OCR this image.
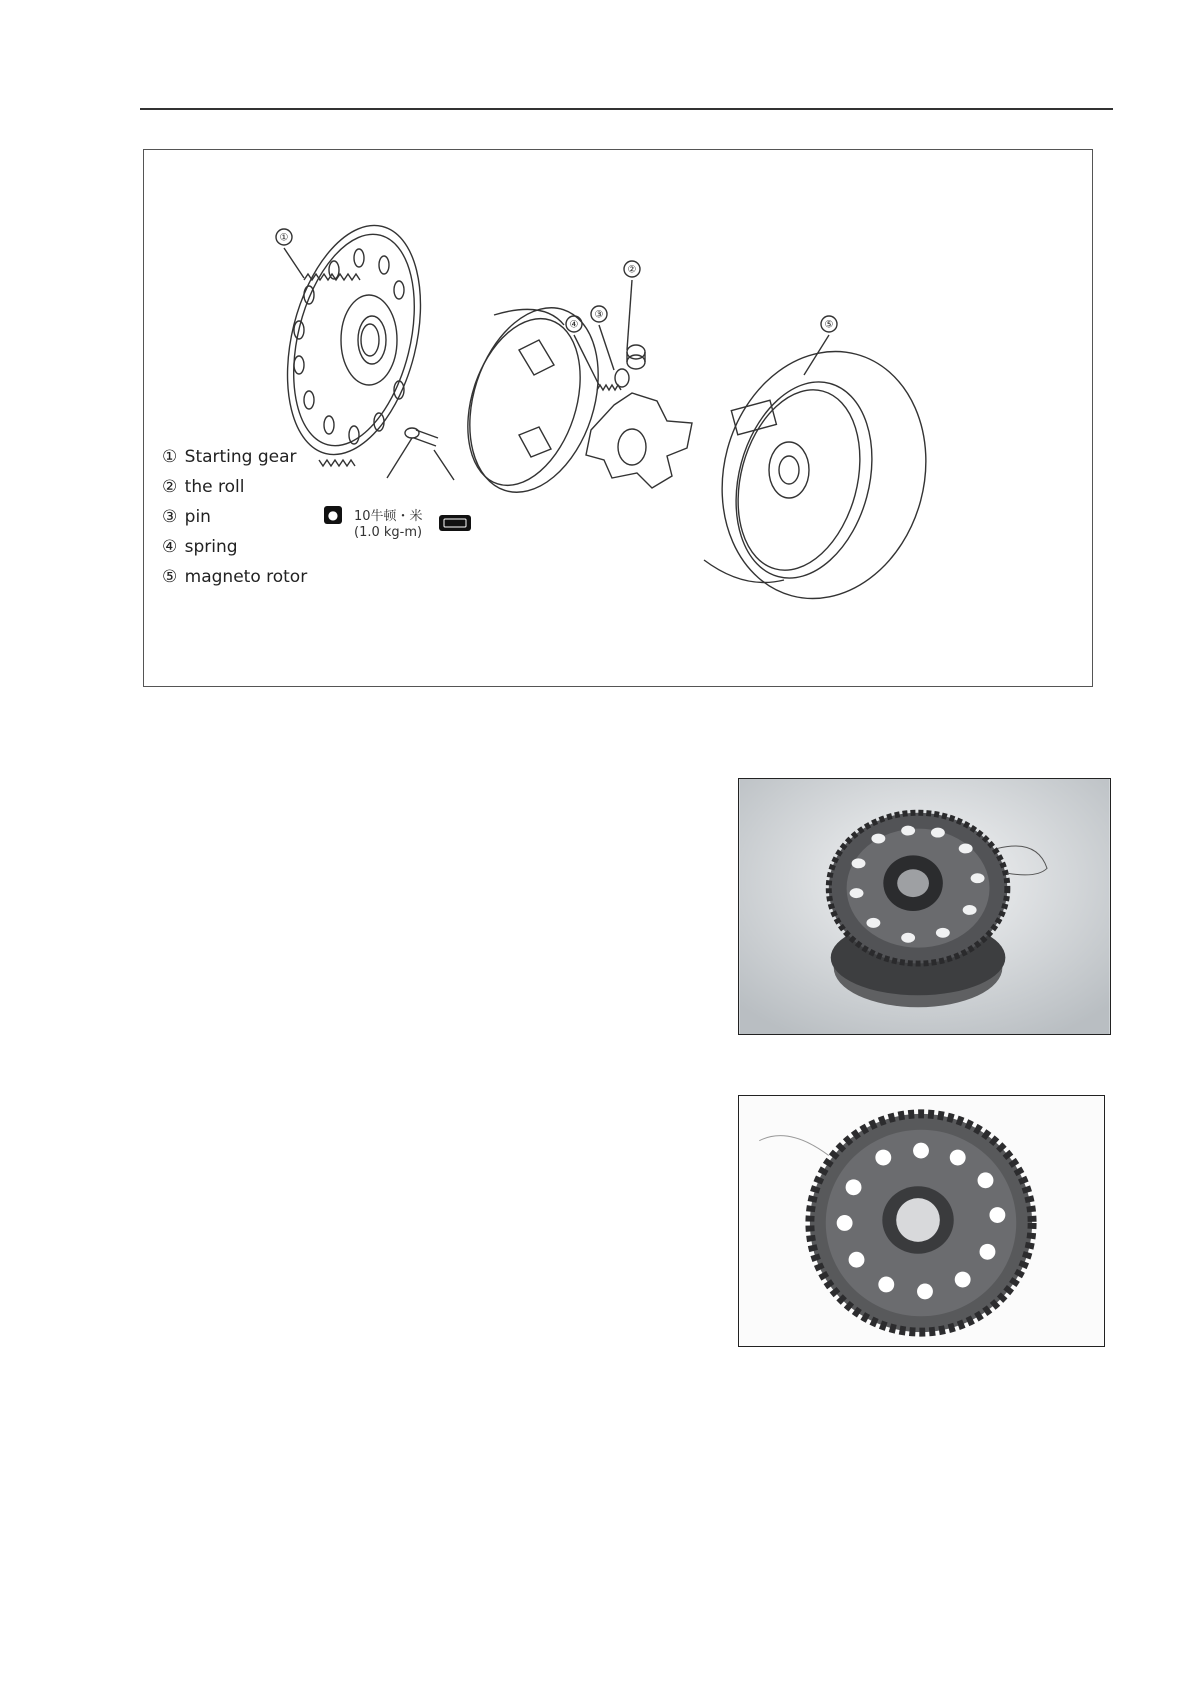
①
②
③
④	⑤
① Starting gear
② the roll
③ pin
④ spring
⑤ magneto rotor
● 10牛顿・米
(1.0 kg-m)
